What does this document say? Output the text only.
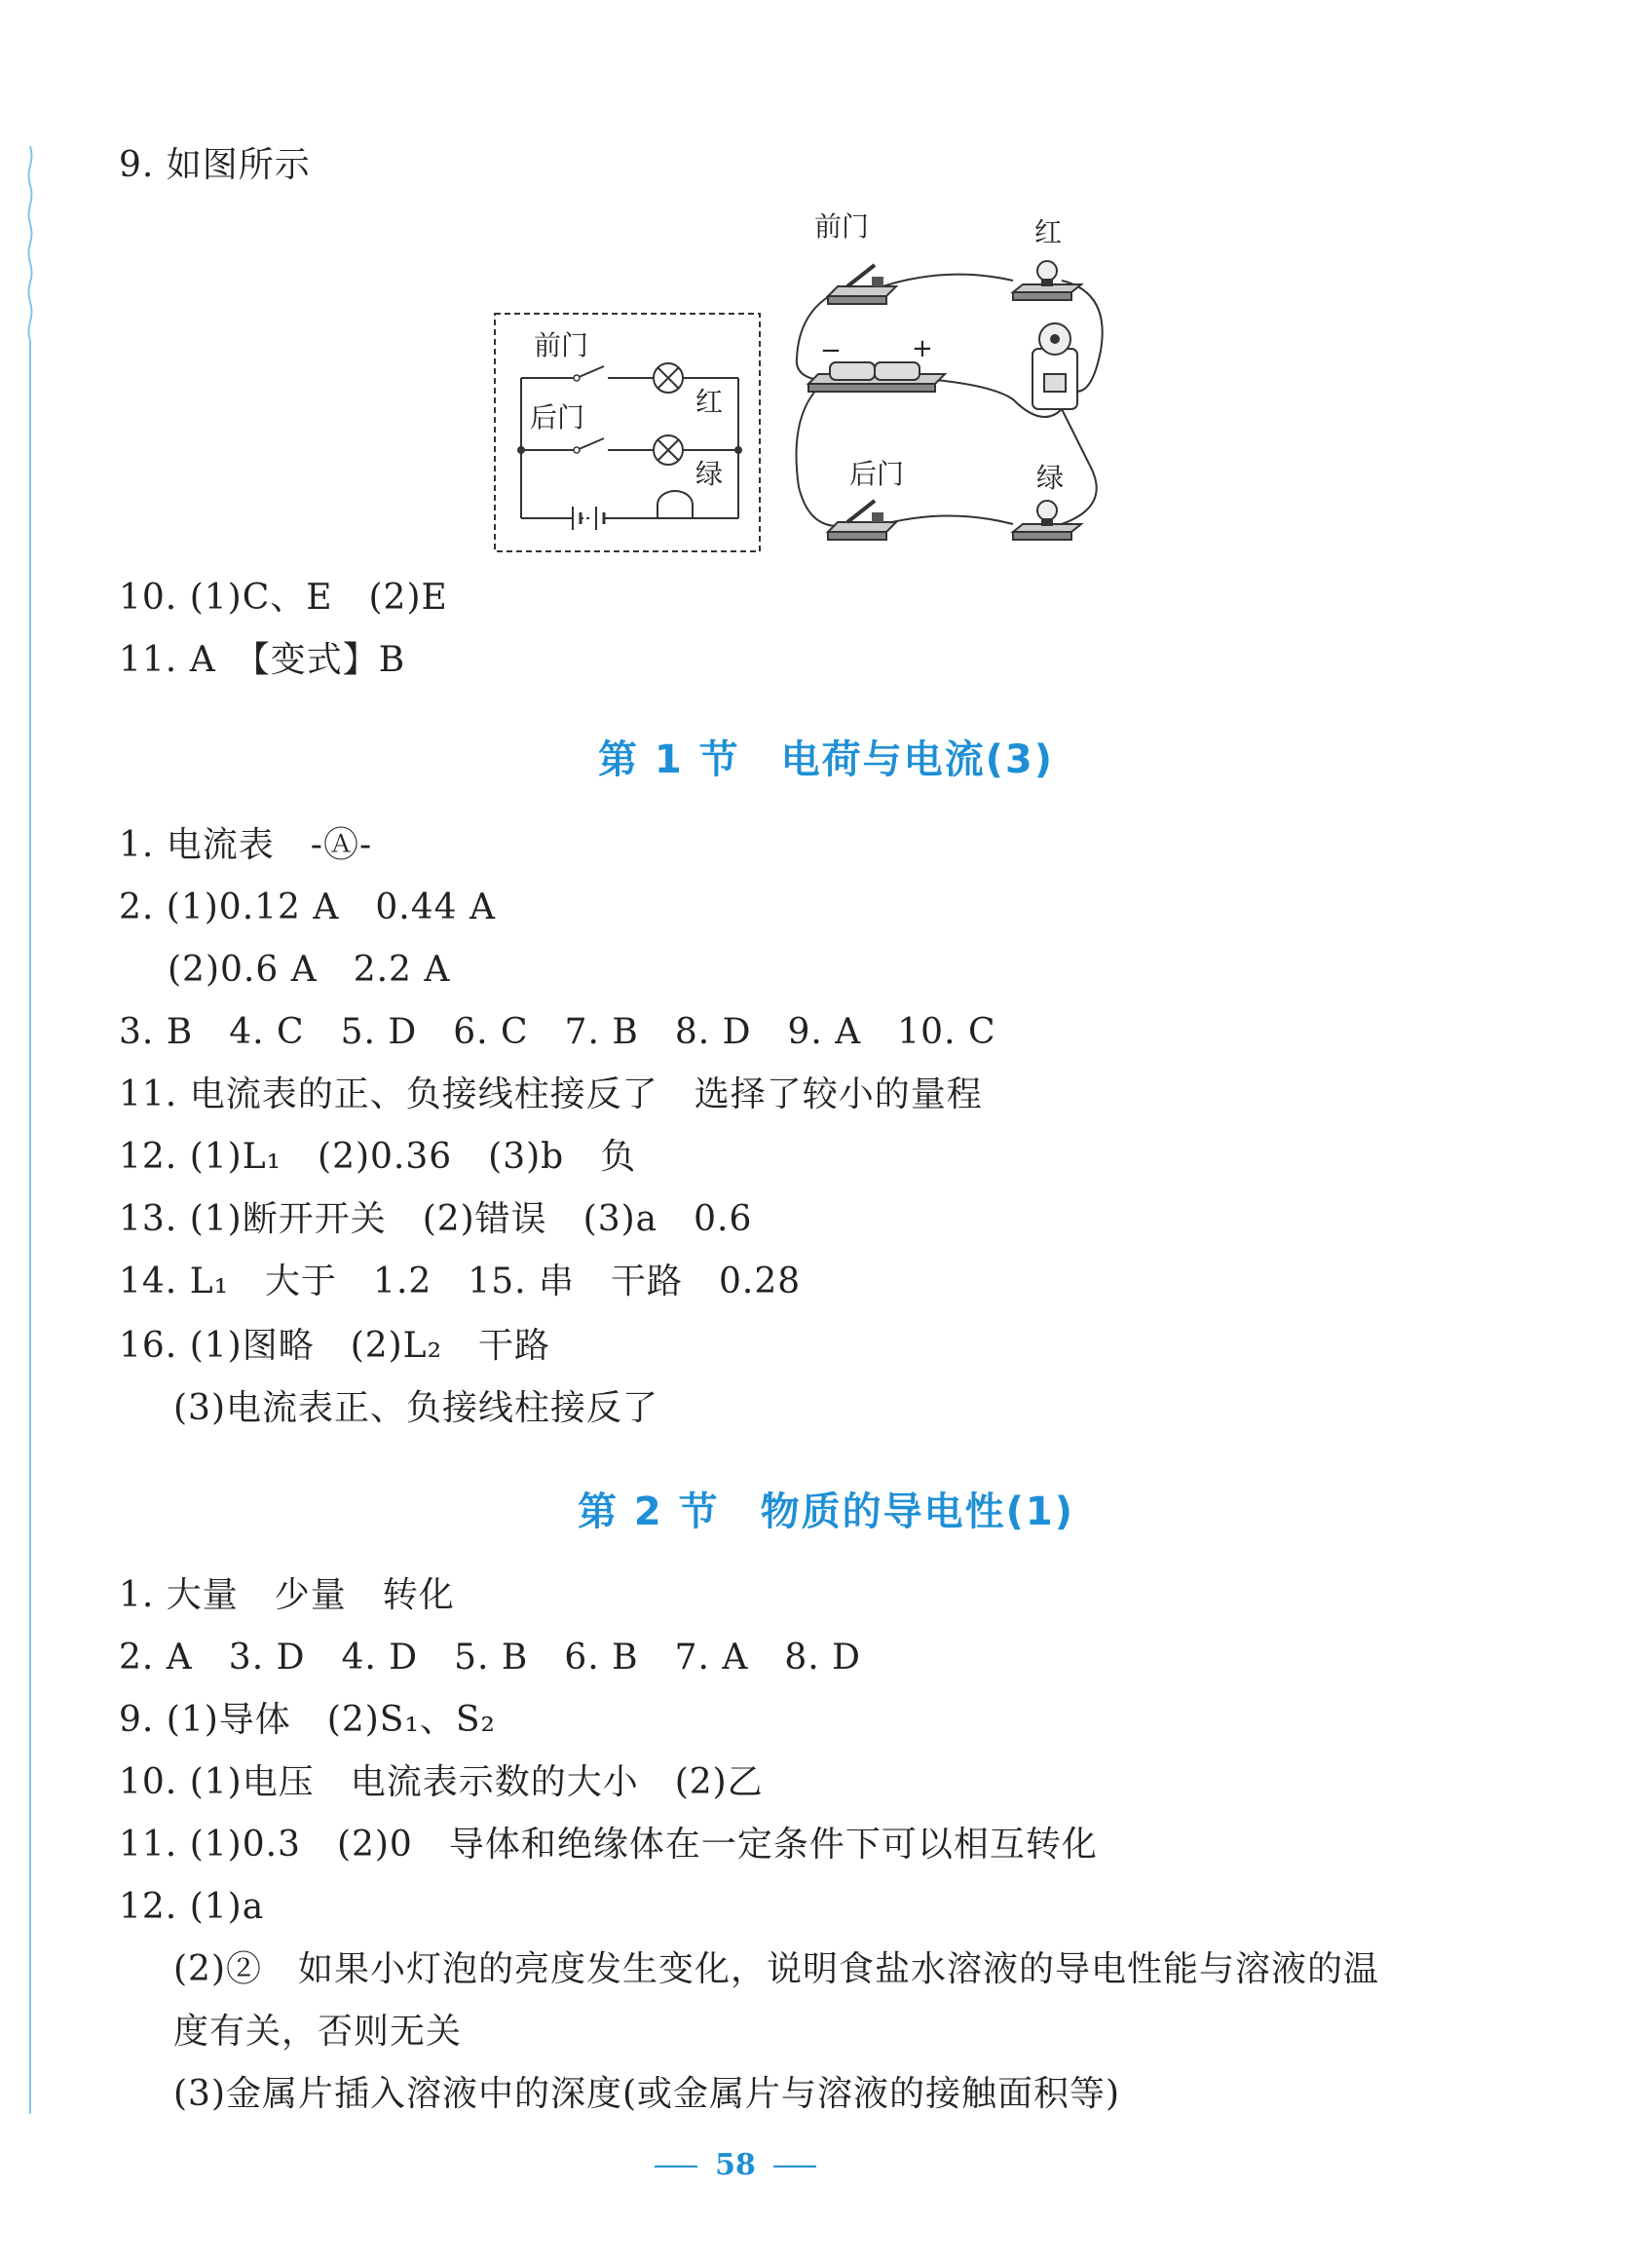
9. 如图所示
前门
后门	红
绿
−	+
前门	红
后门	绿
10. (1)C、E　(2)E
11. A　【变式】B
第 1 节　电荷与电流(3)
1. 电流表　-Ⓐ-
2. (1)0.12 A　0.44 A
(2)0.6 A　2.2 A
3. B　4. C　5. D　6. C　7. B　8. D　9. A　10. C
11. 电流表的正、负接线柱接反了　选择了较小的量程
12. (1)L₁　(2)0.36　(3)b　负
13. (1)断开开关　(2)错误　(3)a　0.6
14. L₁　大于　1.2　15. 串　干路　0.28
16. (1)图略　(2)L₂　干路
(3)电流表正、负接线柱接反了
第 2 节　物质的导电性(1)
1. 大量　少量　转化
2. A　3. D　4. D　5. B　6. B　7. A　8. D
9. (1)导体　(2)S₁、S₂
10. (1)电压　电流表示数的大小　(2)乙
11. (1)0.3　(2)0　导体和绝缘体在一定条件下可以相互转化
12. (1)a
(2)②　如果小灯泡的亮度发生变化，说明食盐水溶液的导电性能与溶液的温
度有关，否则无关
(3)金属片插入溶液中的深度(或金属片与溶液的接触面积等)
58
